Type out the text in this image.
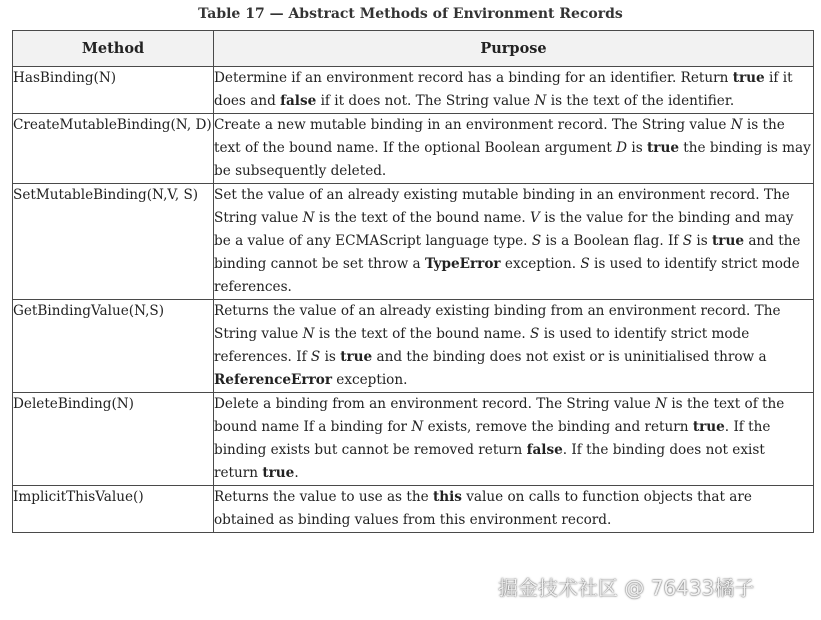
Table 17 — Abstract Methods of Environment Records
Method	Purpose
HasBinding(N)	Determine if an environment record has a binding for an identifier. Return true if it does and false if it does not. The String value N is the text of the identifier.
CreateMutableBinding(N, D)	Create a new mutable binding in an environment record. The String value N is the text of the bound name. If the optional Boolean argument D is true the binding is may be subsequently deleted.
SetMutableBinding(N,V, S)	Set the value of an already existing mutable binding in an environment record. The String value N is the text of the bound name. V is the value for the binding and may be a value of any ECMAScript language type. S is a Boolean flag. If S is true and the binding cannot be set throw a TypeError exception. S is used to identify strict mode references.
GetBindingValue(N,S)	Returns the value of an already existing binding from an environment record. The String value N is the text of the bound name. S is used to identify strict mode references. If S is true and the binding does not exist or is uninitialised throw a ReferenceError exception.
DeleteBinding(N)	Delete a binding from an environment record. The String value N is the text of the bound name If a binding for N exists, remove the binding and return true. If the binding exists but cannot be removed return false. If the binding does not exist return true.
ImplicitThisValue()	Returns the value to use as the this value on calls to function objects that are obtained as binding values from this environment record.
掘金技术社区 @ 76433橘子
